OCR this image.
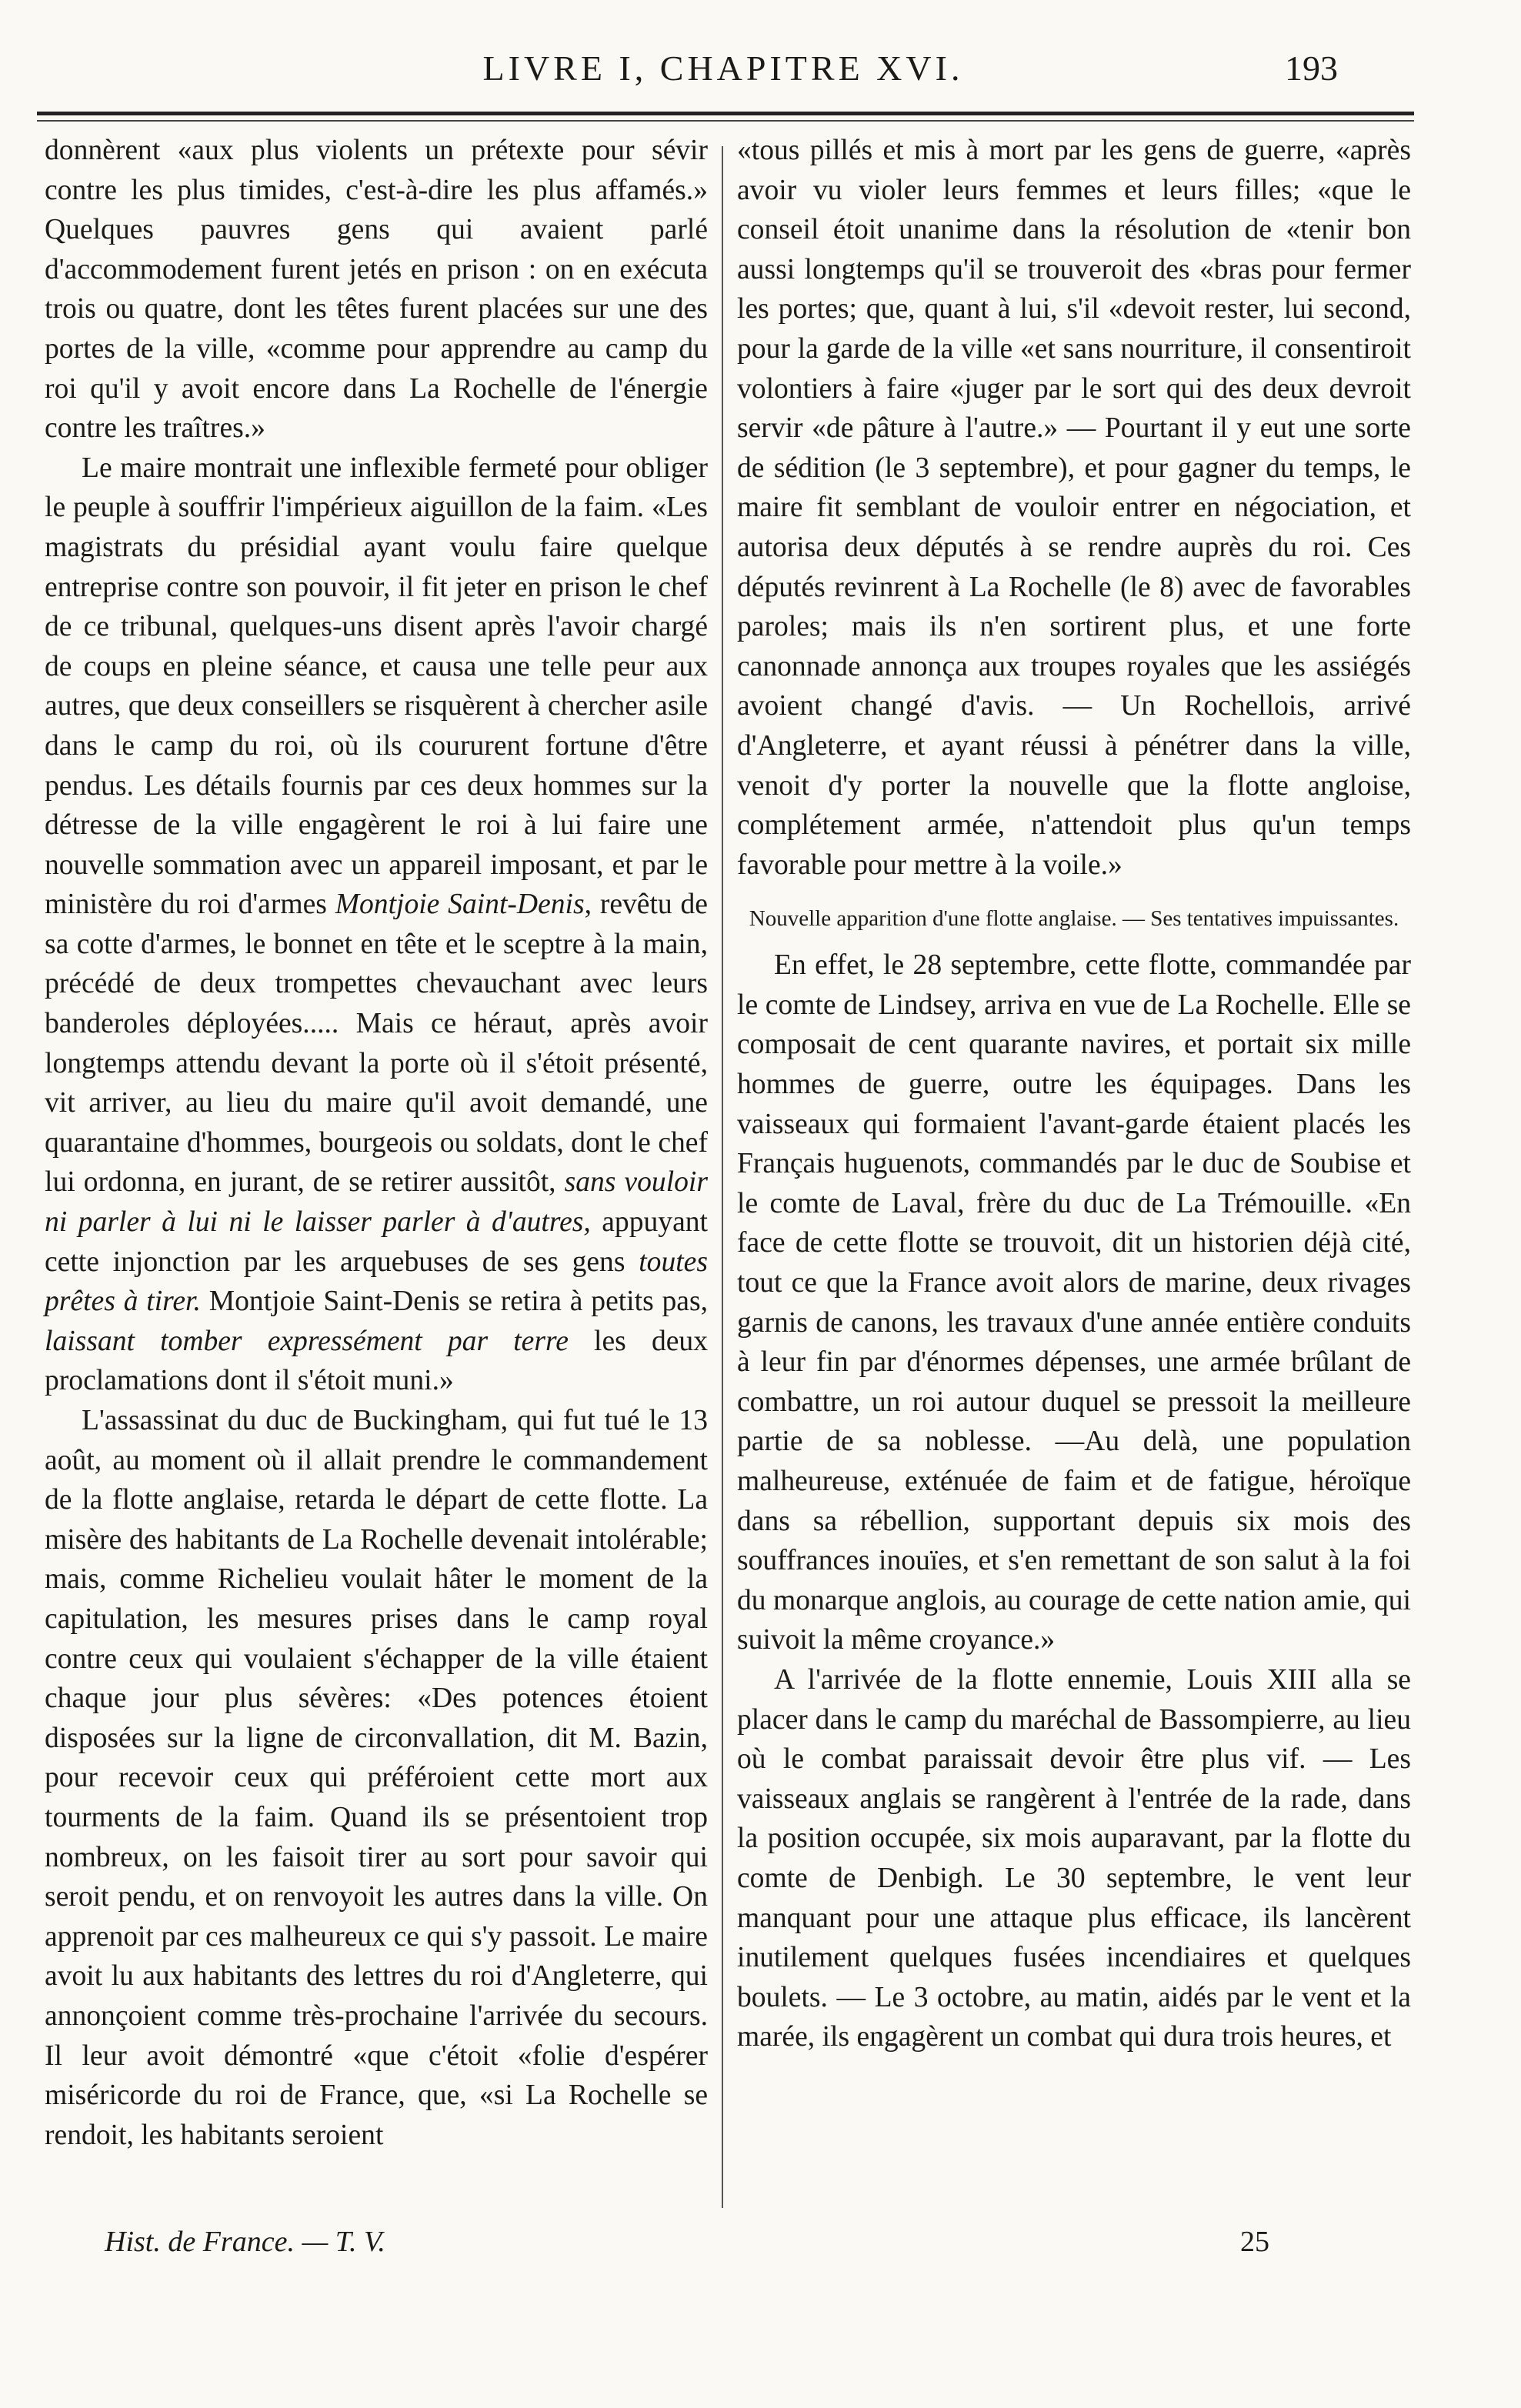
LIVRE I, CHAPITRE XVI.	193

donnèrent «aux plus violents un prétexte pour sévir contre les plus timides, c'est-à-dire les plus affamés.» Quelques pauvres gens qui avaient parlé d'accommodement furent jetés en prison : on en exécuta trois ou quatre, dont les têtes furent placées sur une des portes de la ville, «comme pour apprendre au camp du roi qu'il y avoit encore dans La Rochelle de l'énergie contre les traîtres.»

Le maire montrait une inflexible fermeté pour obliger le peuple à souffrir l'impérieux aiguillon de la faim. «Les magistrats du présidial ayant voulu faire quelque entreprise contre son pouvoir, il fit jeter en prison le chef de ce tribunal, quelques-uns disent après l'avoir chargé de coups en pleine séance, et causa une telle peur aux autres, que deux conseillers se risquèrent à chercher asile dans le camp du roi, où ils coururent fortune d'être pendus. Les détails fournis par ces deux hommes sur la détresse de la ville engagèrent le roi à lui faire une nouvelle sommation avec un appareil imposant, et par le ministère du roi d'armes Montjoie Saint-Denis, revêtu de sa cotte d'armes, le bonnet en tête et le sceptre à la main, précédé de deux trompettes chevauchant avec leurs banderoles déployées..... Mais ce héraut, après avoir longtemps attendu devant la porte où il s'étoit présenté, vit arriver, au lieu du maire qu'il avoit demandé, une quarantaine d'hommes, bourgeois ou soldats, dont le chef lui ordonna, en jurant, de se retirer aussitôt, sans vouloir ni parler à lui ni le laisser parler à d'autres, appuyant cette injonction par les arquebuses de ses gens toutes prêtes à tirer. Montjoie Saint-Denis se retira à petits pas, laissant tomber expressément par terre les deux proclamations dont il s'étoit muni.»

L'assassinat du duc de Buckingham, qui fut tué le 13 août, au moment où il allait prendre le commandement de la flotte anglaise, retarda le départ de cette flotte. La misère des habitants de La Rochelle devenait intolérable; mais, comme Richelieu voulait hâter le moment de la capitulation, les mesures prises dans le camp royal contre ceux qui voulaient s'échapper de la ville étaient chaque jour plus sévères: «Des potences étoient disposées sur la ligne de circonvallation, dit M. Bazin, pour recevoir ceux qui préféroient cette mort aux tourments de la faim. Quand ils se présentoient trop nombreux, on les faisoit tirer au sort pour savoir qui seroit pendu, et on renvoyoit les autres dans la ville. On apprenoit par ces malheureux ce qui s'y passoit. Le maire avoit lu aux habitants des lettres du roi d'Angleterre, qui annonçoient comme très-prochaine l'arrivée du secours. Il leur avoit démontré «que c'étoit «folie d'espérer miséricorde du roi de France, que, «si La Rochelle se rendoit, les habitants seroient

«tous pillés et mis à mort par les gens de guerre, «après avoir vu violer leurs femmes et leurs filles; «que le conseil étoit unanime dans la résolution de «tenir bon aussi longtemps qu'il se trouveroit des «bras pour fermer les portes; que, quant à lui, s'il «devoit rester, lui second, pour la garde de la ville «et sans nourriture, il consentiroit volontiers à faire «juger par le sort qui des deux devroit servir «de pâture à l'autre.» — Pourtant il y eut une sorte de sédition (le 3 septembre), et pour gagner du temps, le maire fit semblant de vouloir entrer en négociation, et autorisa deux députés à se rendre auprès du roi. Ces députés revinrent à La Rochelle (le 8) avec de favorables paroles; mais ils n'en sortirent plus, et une forte canonnade annonça aux troupes royales que les assiégés avoient changé d'avis. — Un Rochellois, arrivé d'Angleterre, et ayant réussi à pénétrer dans la ville, venoit d'y porter la nouvelle que la flotte angloise, complétement armée, n'attendoit plus qu'un temps favorable pour mettre à la voile.»

Nouvelle apparition d'une flotte anglaise. — Ses tentatives impuissantes.

En effet, le 28 septembre, cette flotte, commandée par le comte de Lindsey, arriva en vue de La Rochelle. Elle se composait de cent quarante navires, et portait six mille hommes de guerre, outre les équipages. Dans les vaisseaux qui formaient l'avant-garde étaient placés les Français huguenots, commandés par le duc de Soubise et le comte de Laval, frère du duc de La Trémouille. «En face de cette flotte se trouvoit, dit un historien déjà cité, tout ce que la France avoit alors de marine, deux rivages garnis de canons, les travaux d'une année entière conduits à leur fin par d'énormes dépenses, une armée brûlant de combattre, un roi autour duquel se pressoit la meilleure partie de sa noblesse. —Au delà, une population malheureuse, exténuée de faim et de fatigue, héroïque dans sa rébellion, supportant depuis six mois des souffrances inouïes, et s'en remettant de son salut à la foi du monarque anglois, au courage de cette nation amie, qui suivoit la même croyance.»

A l'arrivée de la flotte ennemie, Louis XIII alla se placer dans le camp du maréchal de Bassompierre, au lieu où le combat paraissait devoir être plus vif. — Les vaisseaux anglais se rangèrent à l'entrée de la rade, dans la position occupée, six mois auparavant, par la flotte du comte de Denbigh. Le 30 septembre, le vent leur manquant pour une attaque plus efficace, ils lancèrent inutilement quelques fusées incendiaires et quelques boulets. — Le 3 octobre, au matin, aidés par le vent et la marée, ils engagèrent un combat qui dura trois heures, et

Hist. de France. — T. V.	25
